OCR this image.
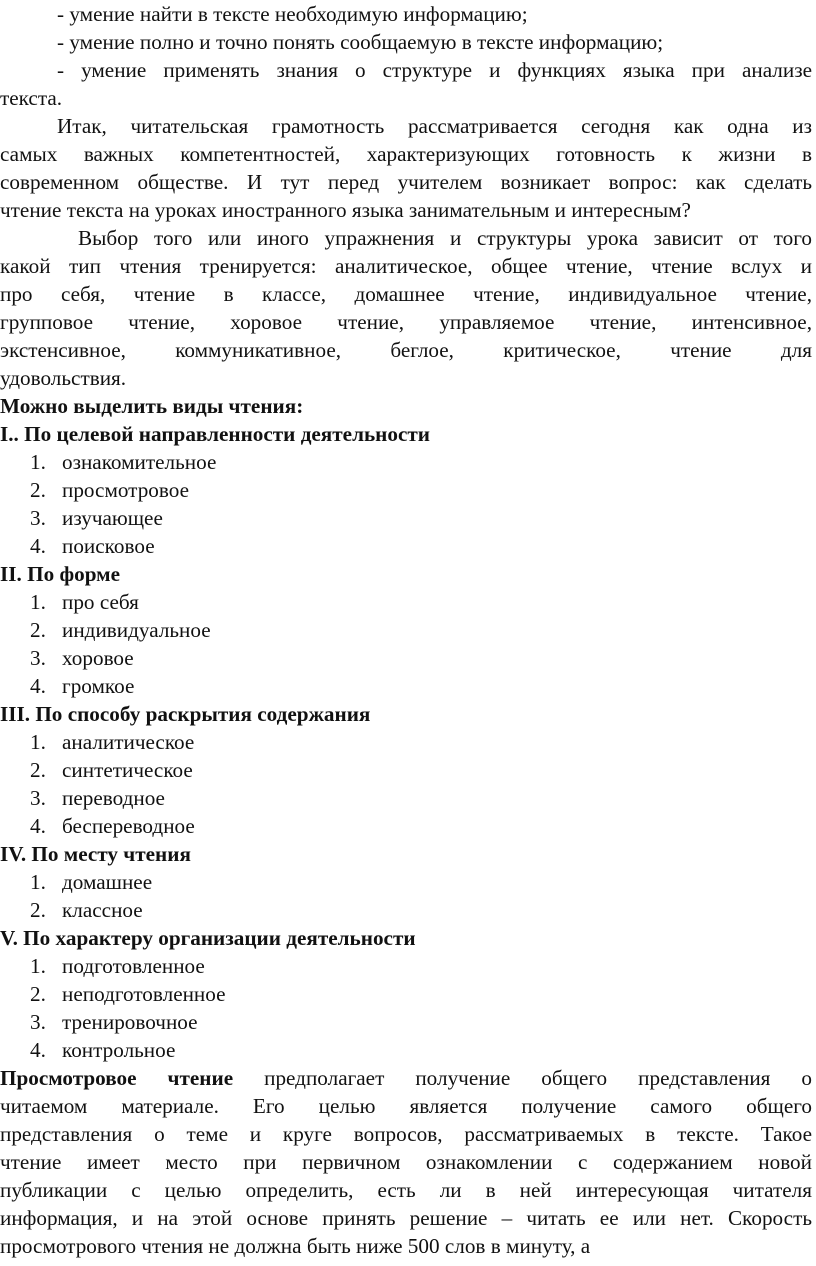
- умение найти в тексте необходимую информацию;
- умение полно и точно понять сообщаемую в тексте информацию;
- умение применять знания о структуре и функциях языка при анализе
текста.
Итак, читательская грамотность рассматривается сегодня как одна из
самых важных компетентностей, характеризующих готовность к жизни в
современном обществе. И тут перед учителем возникает вопрос: как сделать
чтение текста на уроках иностранного языка занимательным и интересным?
Выбор того или иного упражнения и структуры урока зависит от того
какой тип чтения тренируется: аналитическое, общее чтение, чтение вслух и
про себя, чтение в классе, домашнее чтение, индивидуальное чтение,
групповое чтение, хоровое чтение, управляемое чтение, интенсивное,
экстенсивное, коммуникативное, беглое, критическое, чтение для
удовольствия.
Можно выделить виды чтения:
I.. По целевой направленности деятельности
1. ознакомительное
2. просмотровое
3. изучающее
4. поисковое
II. По форме
1. про себя
2. индивидуальное
3. хоровое
4. громкое
III. По способу раскрытия содержания
1. аналитическое
2. синтетическое
3. переводное
4. беспереводное
IV. По месту чтения
1. домашнее
2. классное
V. По характеру организации деятельности
1. подготовленное
2. неподготовленное
3. тренировочное
4. контрольное
Просмотровое чтение предполагает получение общего представления о
читаемом материале. Его целью является получение самого общего
представления о теме и круге вопросов, рассматриваемых в тексте. Такое
чтение имеет место при первичном ознакомлении с содержанием новой
публикации с целью определить, есть ли в ней интересующая читателя
информация, и на этой основе принять решение – читать ее или нет. Скорость
просмотрового чтения не должна быть ниже 500 слов в минуту, а
